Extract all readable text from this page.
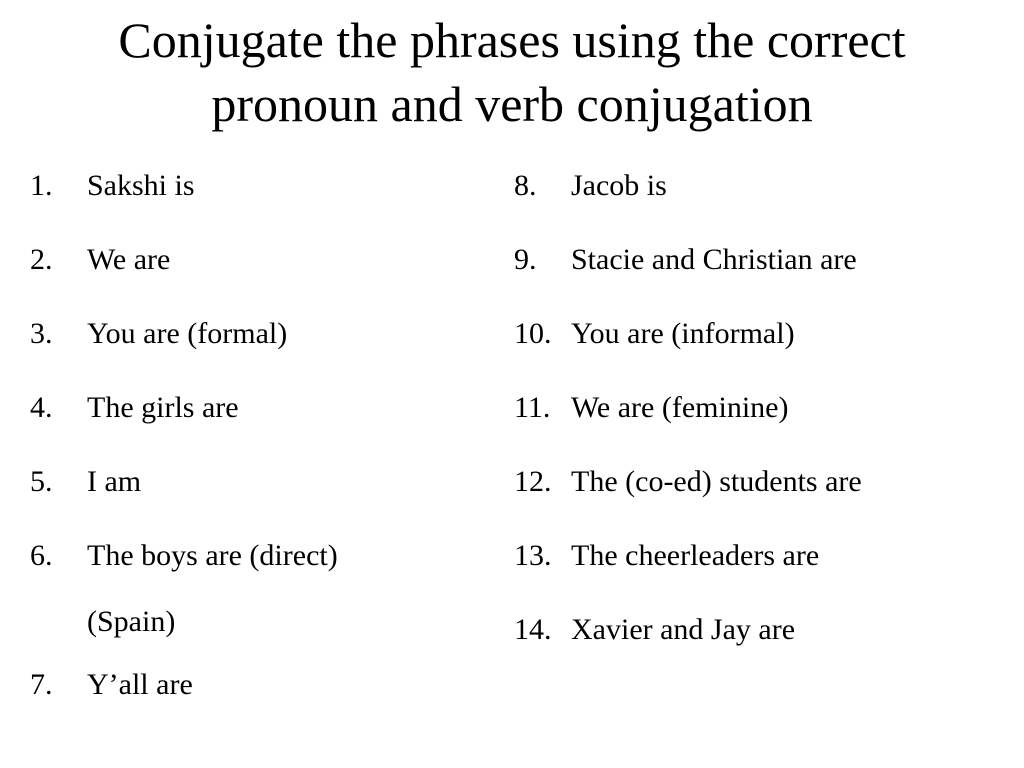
Conjugate the phrases using the correct
pronoun and verb conjugation
1.	Sakshi is
2.	We are
3.	You are (formal)
4.	The girls are
5.	I am
6.	The boys are (direct)
(Spain)
7.	Y’all are
8.	Jacob is
9.	Stacie and Christian are
10. You are (informal)
11. We are (feminine)
12. The (co-ed) students are
13. The cheerleaders are
14. Xavier and Jay are
